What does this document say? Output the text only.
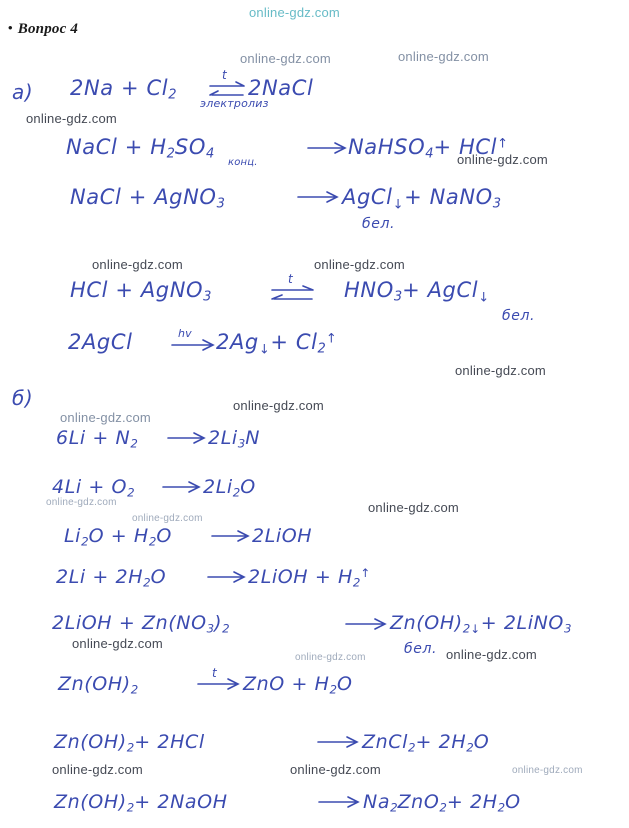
• Вопрос 4
а) $2Na + Cl_2$
t
электролиз
2NaCl
NaCl + $H_2SO_4$
конц.
NaHSO$_4$+ HCl↑
NaCl + AgNO$_3$	AgCl↓+ NaNO$_3$
бел.
HCl + AgNO$_3$
t $HNO_3+$ AgCl↓
бел.
2AgCl	hv $2Ag^↓+ Cl_2^↑$
б)
$6Li + N_2$	$2Li_3N$
$4Li + O_2$	$2Li_2O$
$Li_2O + H_2O$	2LiOH
$2Li + 2H_2O$	2LiOH + $H_2^↑$
2LiOH + $Zn(NO_3)_2$	$Zn(OH)_2^↓+$ 2LiNO$_3$
бел.
$Zn(OH)_2$
t ZnO + $H_2O$
$Zn(OH)_2+ 2HCl$	ZnCl$_2$+ $2H_2O$
$Zn(OH)_2+$ 2NaOH	$Na_2ZnO_2+ 2H_2O$
online-gdz.com
online-gdz.com	online-gdz.com
online-gdz.com
online-gdz.com
online-gdz.com	online-gdz.com
online-gdz.com
online-gdz.com
online-gdz.com
online-gdz.com
online-gdz.com
online-gdz.com
online-gdz.com
online-gdz.com	online-gdz.com
online-gdz.com	online-gdz.com	online-gdz.com
